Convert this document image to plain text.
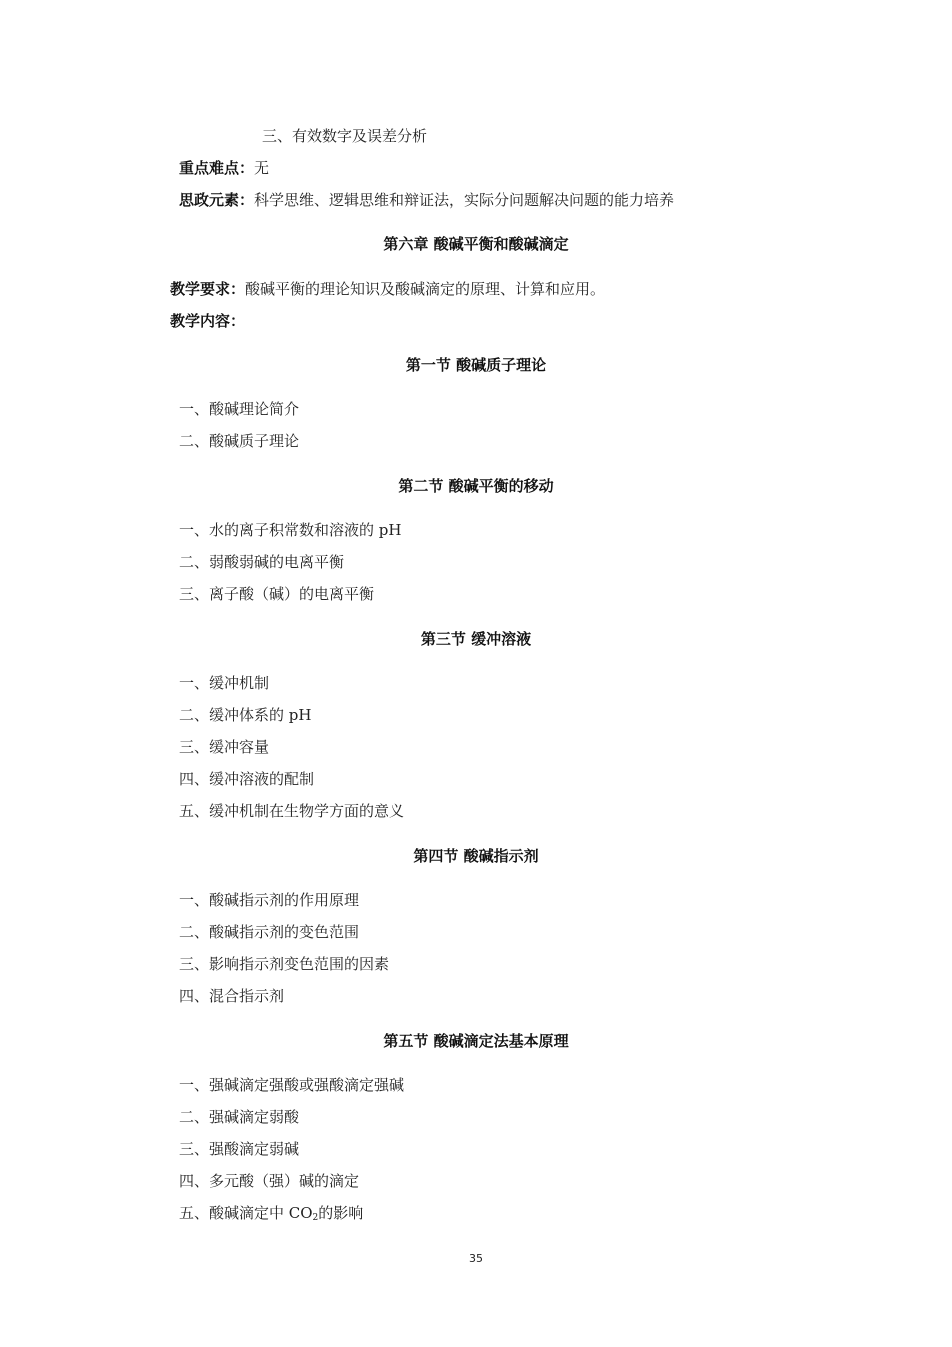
三、有效数字及误差分析
重点难点：无
思政元素：科学思维、逻辑思维和辩证法，实际分问题解决问题的能力培养
第六章 酸碱平衡和酸碱滴定
教学要求：酸碱平衡的理论知识及酸碱滴定的原理、计算和应用。
教学内容：
第一节 酸碱质子理论
一、酸碱理论简介
二、酸碱质子理论
第二节 酸碱平衡的移动
一、水的离子积常数和溶液的 pH
二、弱酸弱碱的电离平衡
三、离子酸（碱）的电离平衡
第三节 缓冲溶液
一、缓冲机制
二、缓冲体系的 pH
三、缓冲容量
四、缓冲溶液的配制
五、缓冲机制在生物学方面的意义
第四节 酸碱指示剂
一、酸碱指示剂的作用原理
二、酸碱指示剂的变色范围
三、影响指示剂变色范围的因素
四、混合指示剂
第五节 酸碱滴定法基本原理
一、强碱滴定强酸或强酸滴定强碱
二、强碱滴定弱酸
三、强酸滴定弱碱
四、多元酸（强）碱的滴定
五、酸碱滴定中 $CO_2$的影响
35
